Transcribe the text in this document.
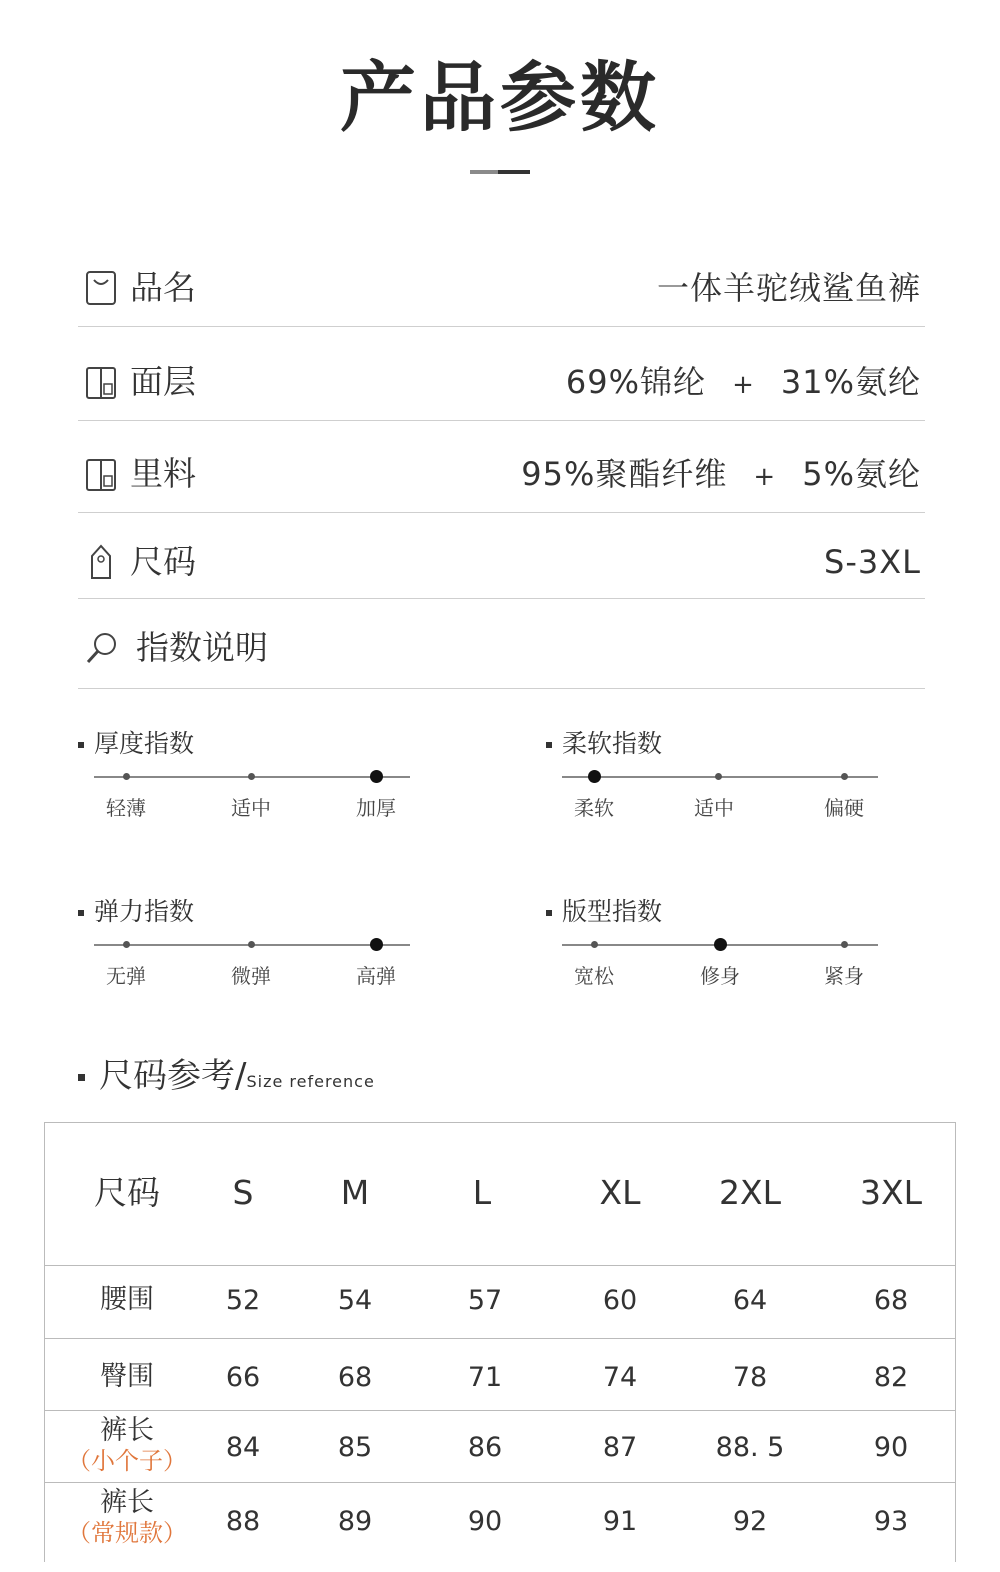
产品参数
品名	一体羊驼绒鲨鱼裤
面层	69%锦纶 + 31%氨纶
里料	95%聚酯纤维 + 5%氨纶
尺码	S-3XL
指数说明
厚度指数
轻薄	适中	加厚
柔软指数
柔软	适中	偏硬
弹力指数
无弹	微弹	高弹
版型指数
宽松	修身	紧身
尺码参考/Size reference
尺码	S	M	L	XL	2XL	3XL
腰围	52	54	57	60	64	68
臀围	66	68	71	74	78	82
裤长
（小个子）	84	85	86	87	88. 5	90
裤长
（常规款）	88	89	90	91	92	93
